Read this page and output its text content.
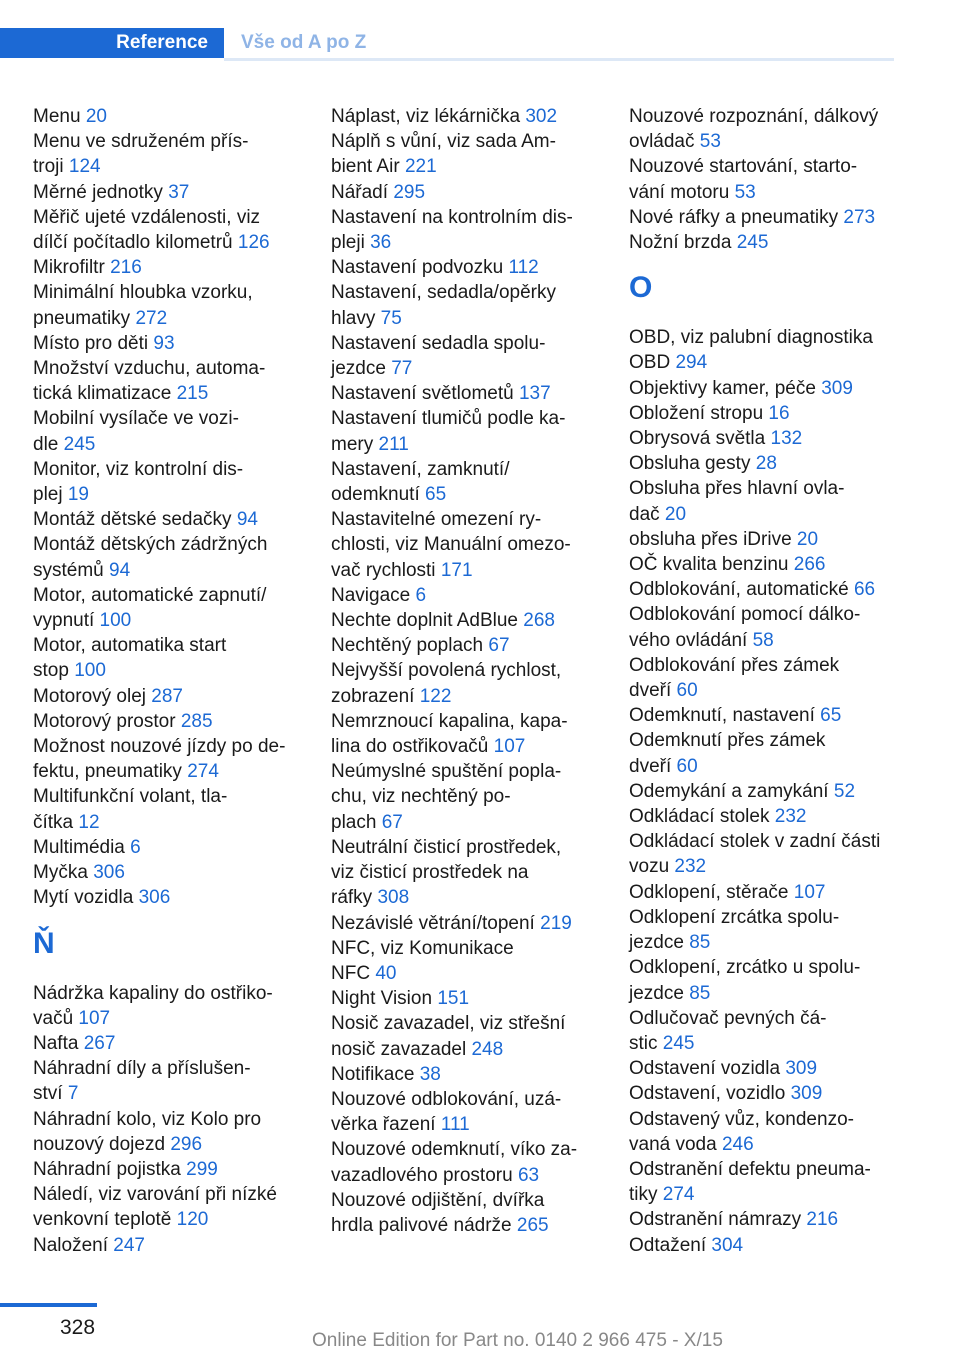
Reference	Vše od A po Z
Menu 20
Menu ve sdruženém přís‐
troji 124
Měrné jednotky 37
Měřič ujeté vzdálenosti, viz
dílčí počítadlo kilometrů 126
Mikrofiltr 216
Minimální hloubka vzorku,
pneumatiky 272
Místo pro děti 93
Množství vzduchu, automa‐
tická klimatizace 215
Mobilní vysílače ve vozi‐
dle 245
Monitor, viz kontrolní dis‐
plej 19
Montáž dětské sedačky 94
Montáž dětských zádržných
systémů 94
Motor, automatické zapnutí/
vypnutí 100
Motor, automatika start
stop 100
Motorový olej 287
Motorový prostor 285
Možnost nouzové jízdy po de‐
fektu, pneumatiky 274
Multifunkční volant, tla‐
čítka 12
Multimédia 6
Myčka 306
Mytí vozidla 306
Ň
Nádržka kapaliny do ostřiko‐
vačů 107
Nafta 267
Náhradní díly a příslušen‐
ství 7
Náhradní kolo, viz Kolo pro
nouzový dojezd 296
Náhradní pojistka 299
Náledí, viz varování při nízké
venkovní teplotě 120
Naložení 247
Náplast, viz lékárnička 302
Náplň s vůní, viz sada Am‐
bient Air 221
Nářadí 295
Nastavení na kontrolním dis‐
pleji 36
Nastavení podvozku 112
Nastavení, sedadla/opěrky
hlavy 75
Nastavení sedadla spolu‐
jezdce 77
Nastavení světlometů 137
Nastavení tlumičů podle ka‐
mery 211
Nastavení, zamknutí/
odemknutí 65
Nastavitelné omezení ry‐
chlosti, viz Manuální omezo‐
vač rychlosti 171
Navigace 6
Nechte doplnit AdBlue 268
Nechtěný poplach 67
Nejvyšší povolená rychlost,
zobrazení 122
Nemrznoucí kapalina, kapa‐
lina do ostřikovačů 107
Neúmyslné spuštění popla‐
chu, viz nechtěný po‐
plach 67
Neutrální čisticí prostředek,
viz čisticí prostředek na
ráfky 308
Nezávislé větrání/topení 219
NFC, viz Komunikace
NFC 40
Night Vision 151
Nosič zavazadel, viz střešní
nosič zavazadel 248
Notifikace 38
Nouzové odblokování, uzá‐
věrka řazení 111
Nouzové odemknutí, víko za‐
vazadlového prostoru 63
Nouzové odjištění, dvířka
hrdla palivové nádrže 265
Nouzové rozpoznání, dálkový
ovládač 53
Nouzové startování, starto‐
vání motoru 53
Nové ráfky a pneumatiky 273
Nožní brzda 245
O
OBD, viz palubní diagnostika
OBD 294
Objektivy kamer, péče 309
Obložení stropu 16
Obrysová světla 132
Obsluha gesty 28
Obsluha přes hlavní ovla‐
dač 20
obsluha přes iDrive 20
OČ kvalita benzinu 266
Odblokování, automatické 66
Odblokování pomocí dálko‐
vého ovládání 58
Odblokování přes zámek
dveří 60
Odemknutí, nastavení 65
Odemknutí přes zámek
dveří 60
Odemykání a zamykání 52
Odkládací stolek 232
Odkládací stolek v zadní části
vozu 232
Odklopení, stěrače 107
Odklopení zrcátka spolu‐
jezdce 85
Odklopení, zrcátko u spolu‐
jezdce 85
Odlučovač pevných čá‐
stic 245
Odstavení vozidla 309
Odstavení, vozidlo 309
Odstavený vůz, kondenzo‐
vaná voda 246
Odstranění defektu pneuma‐
tiky 274
Odstranění námrazy 216
Odtažení 304
328
Online Edition for Part no. 0140 2 966 475 - X/15
